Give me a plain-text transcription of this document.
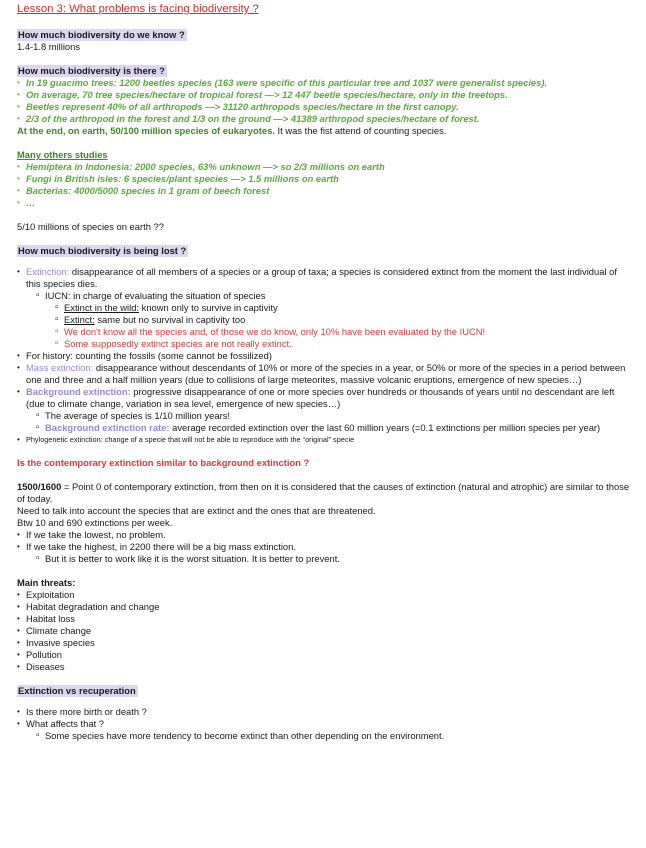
Lesson 3: What problems is facing biodiversity ?
How much biodiversity do we know ?

1.4-1.8 millions

How much biodiversity is there ?
• In 19 guacimo trees: 1200 beetles species (163 were specific of this particular tree and 1037 were generalist species).
• On average, 70 tree species/hectare of tropical forest —> 12 447 beetle species/hectare, only in the treetops.
• Beetles represent 40% of all arthropods —> 31120 arthropods species/hectare in the first canopy.
• 2/3 of the arthropod in the forest and 1/3 on the ground —> 41389 arthropod species/hectare of forest.

At the end, on earth, 50/100 million species of eukaryotes. It was the fist attend of counting species.

Many others studies
• Hemiptera in Indonesia: 2000 species, 63% unknown —> so 2/3 millions on earth
• Fungi in British isles: 6 species/plant species —> 1.5 millions on earth
• Bacterias: 4000/5000 species in 1 gram of beech forest
• …

5/10 millions of species on earth ??

How much biodiversity is being lost ?
• Extinction: disappearance of all members of a species or a group of taxa; a species is considered extinct from the moment the last individual of this species dies.
▫ IUCN: in charge of evaluating the situation of species
▫ Extinct in the wild: known only to survive in captivity
▫ Extinct: same but no survival in captivity too
▫ We don't know all the species and, of those we do know, only 10% have been evaluated by the IUCN!
▫ Some supposedly extinct species are not really extinct.
• For history: counting the fossils (some cannot be fossilized)
• Mass extinction: disappearance without descendants of 10% or more of the species in a year, or 50% or more of the species in a period between one and three and a half million years (due to collisions of large meteorites, massive volcanic eruptions, emergence of new species…)
• Background extinction: progressive disappearance of one or more species over hundreds or thousands of years until no descendant are left (due to climate change, variation in sea level, emergence of new species…)
▫ The average of species is 1/10 million years!
▫ Background extinction rate: average recorded extinction over the last 60 million years (=0.1 extinctions per million species per year)
• Phylogenetic extinction: change of a specie that will not be able to reproduce with the “original” specie

Is the contemporary extinction similar to background extinction ?

1500/1600 = Point 0 of contemporary extinction, from then on it is considered that the causes of extinction (natural and atrophic) are similar to those of today.

Need to talk into account the species that are extinct and the ones that are threatened.

Btw 10 and 690 extinctions per week.

• If we take the lowest, no problem.
• If we take the highest, in 2200 there will be a big mass extinction.
▫ But it is better to work like it is the worst situation. It is better to prevent.

Main threats:

• Exploitation
• Habitat degradation and change
• Habitat loss
• Climate change
• Invasive species
• Pollution
• Diseases
Extinction vs recuperation
• Is there more birth or death ?
• What affects that ?
▫ Some species have more tendency to become extinct than other depending on the environment.
